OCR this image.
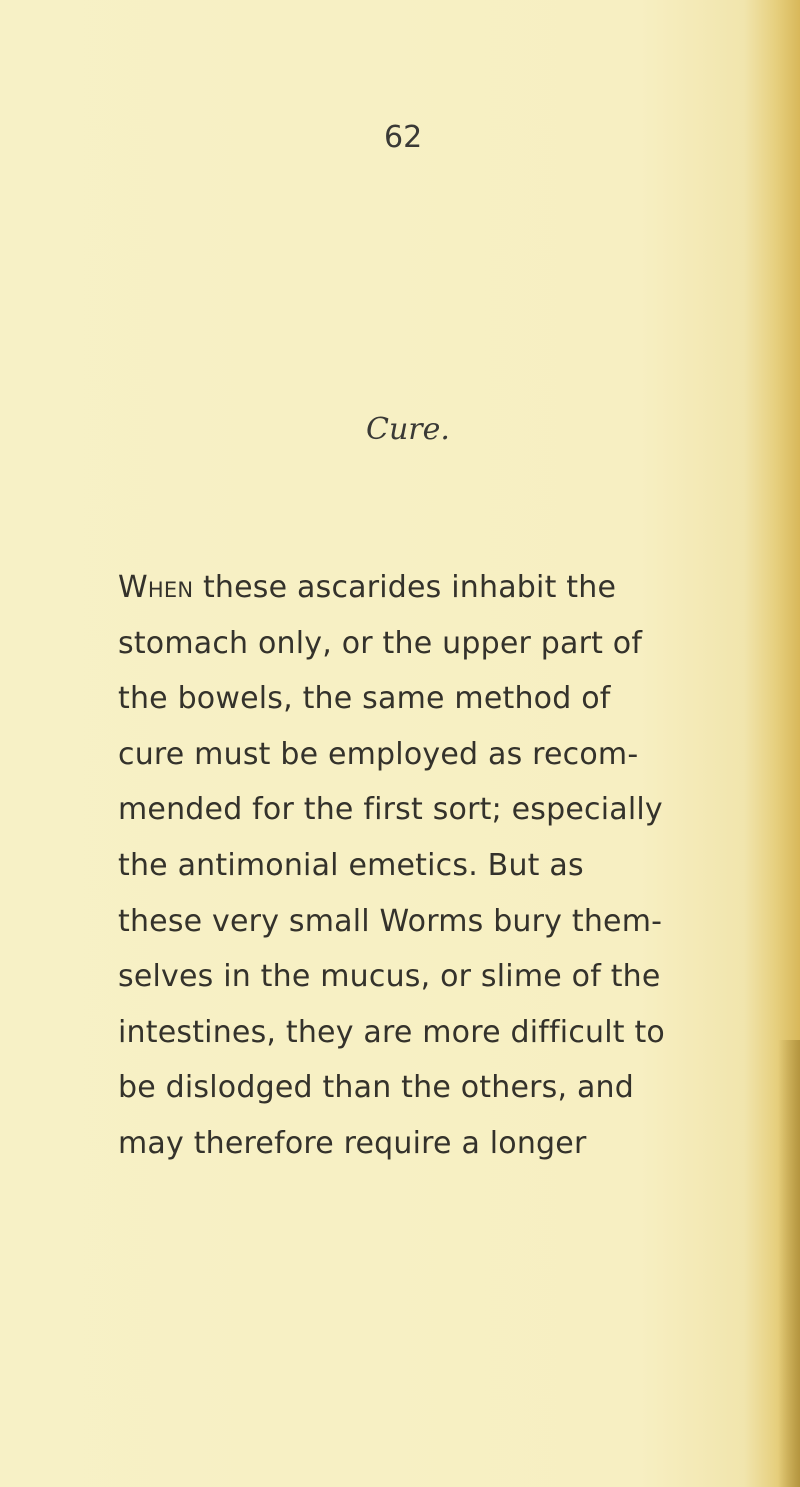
62
Cure.
When these ascarides inhabit the
stomach only, or the upper part of
the bowels, the same method of
cure must be employed as recom-
mended for the first sort; especially
the antimonial emetics. But as
these very small Worms bury them-
selves in the mucus, or slime of the
intestines, they are more difficult to
be dislodged than the others, and
may therefore require a longer
